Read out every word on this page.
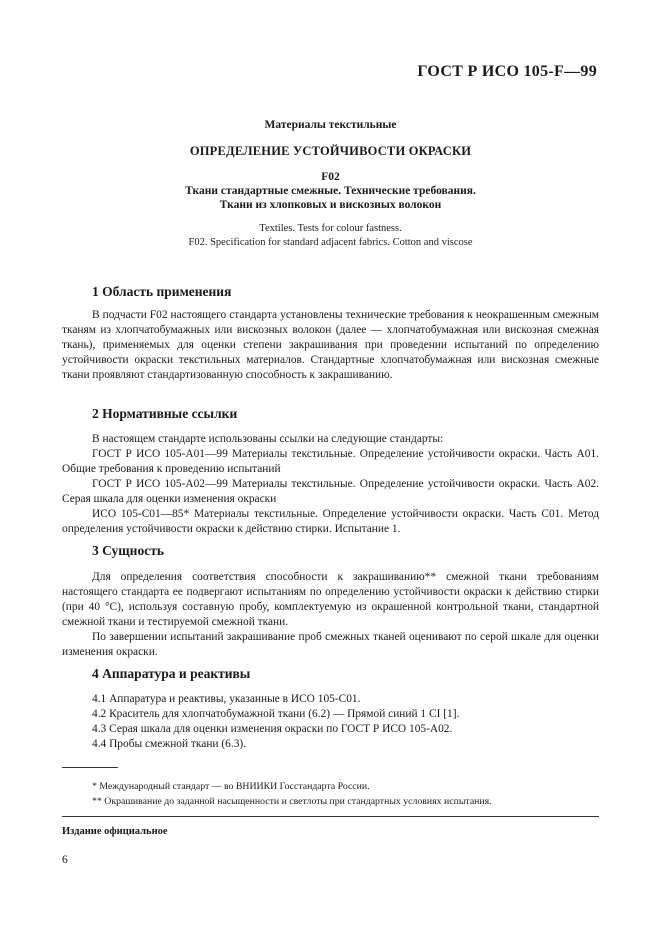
ГОСТ Р ИСО 105-F—99
Материалы текстильные
ОПРЕДЕЛЕНИЕ УСТОЙЧИВОСТИ ОКРАСКИ
F02
Ткани стандартные смежные. Технические требования.
Ткани из хлопковых и вискозных волокон
Textiles. Tests for colour fastness.
F02. Specification for standard adjacent fabrics. Cotton and viscose
1 Область применения

В подчасти F02 настоящего стандарта установлены технические требования к неокрашенным смежным тканям из хлопчатобумажных или вискозных волокон (далее — хлопчатобумажная или вискозная смежная ткань), применяемых для оценки степени закрашивания при проведении испытаний по определению устойчивости окраски текстильных материалов. Стандартные хлопчатобумажная или вискозная смежные ткани проявляют стандартизованную способность к закрашиванию.

2 Нормативные ссылки

В настоящем стандарте использованы ссылки на следующие стандарты:

ГОСТ Р ИСО 105-А01—99 Материалы текстильные. Определение устойчивости окраски. Часть А01. Общие требования к проведению испытаний

ГОСТ Р ИСО 105-А02—99 Материалы текстильные. Определение устойчивости окраски. Часть А02. Серая шкала для оценки изменения окраски

ИСО 105-С01—85* Материалы текстильные. Определение устойчивости окраски. Часть С01. Метод определения устойчивости окраски к действию стирки. Испытание 1.

3 Сущность

Для определения соответствия способности к закрашиванию** смежной ткани требованиям настоящего стандарта ее подвергают испытаниям по определению устойчивости окраски к действию стирки (при 40 °С), используя составную пробу, комплектуемую из окрашенной контрольной ткани, стандартной смежной ткани и тестируемой смежной ткани.

По завершении испытаний закрашивание проб смежных тканей оценивают по серой шкале для оценки изменения окраски.

4 Аппаратура и реактивы

4.1 Аппаратура и реактивы, указанные в ИСО 105-С01.

4.2 Краситель для хлопчатобумажной ткани (6.2) — Прямой синий 1 CI [1].

4.3 Серая шкала для оценки изменения окраски по ГОСТ Р ИСО 105-А02.

4.4 Пробы смежной ткани (6.3).

* Международный стандарт — во ВНИИКИ Госстандарта России.
** Окрашивание до заданной насыщенности и светлоты при стандартных условиях испытания.
Издание официальное
6
